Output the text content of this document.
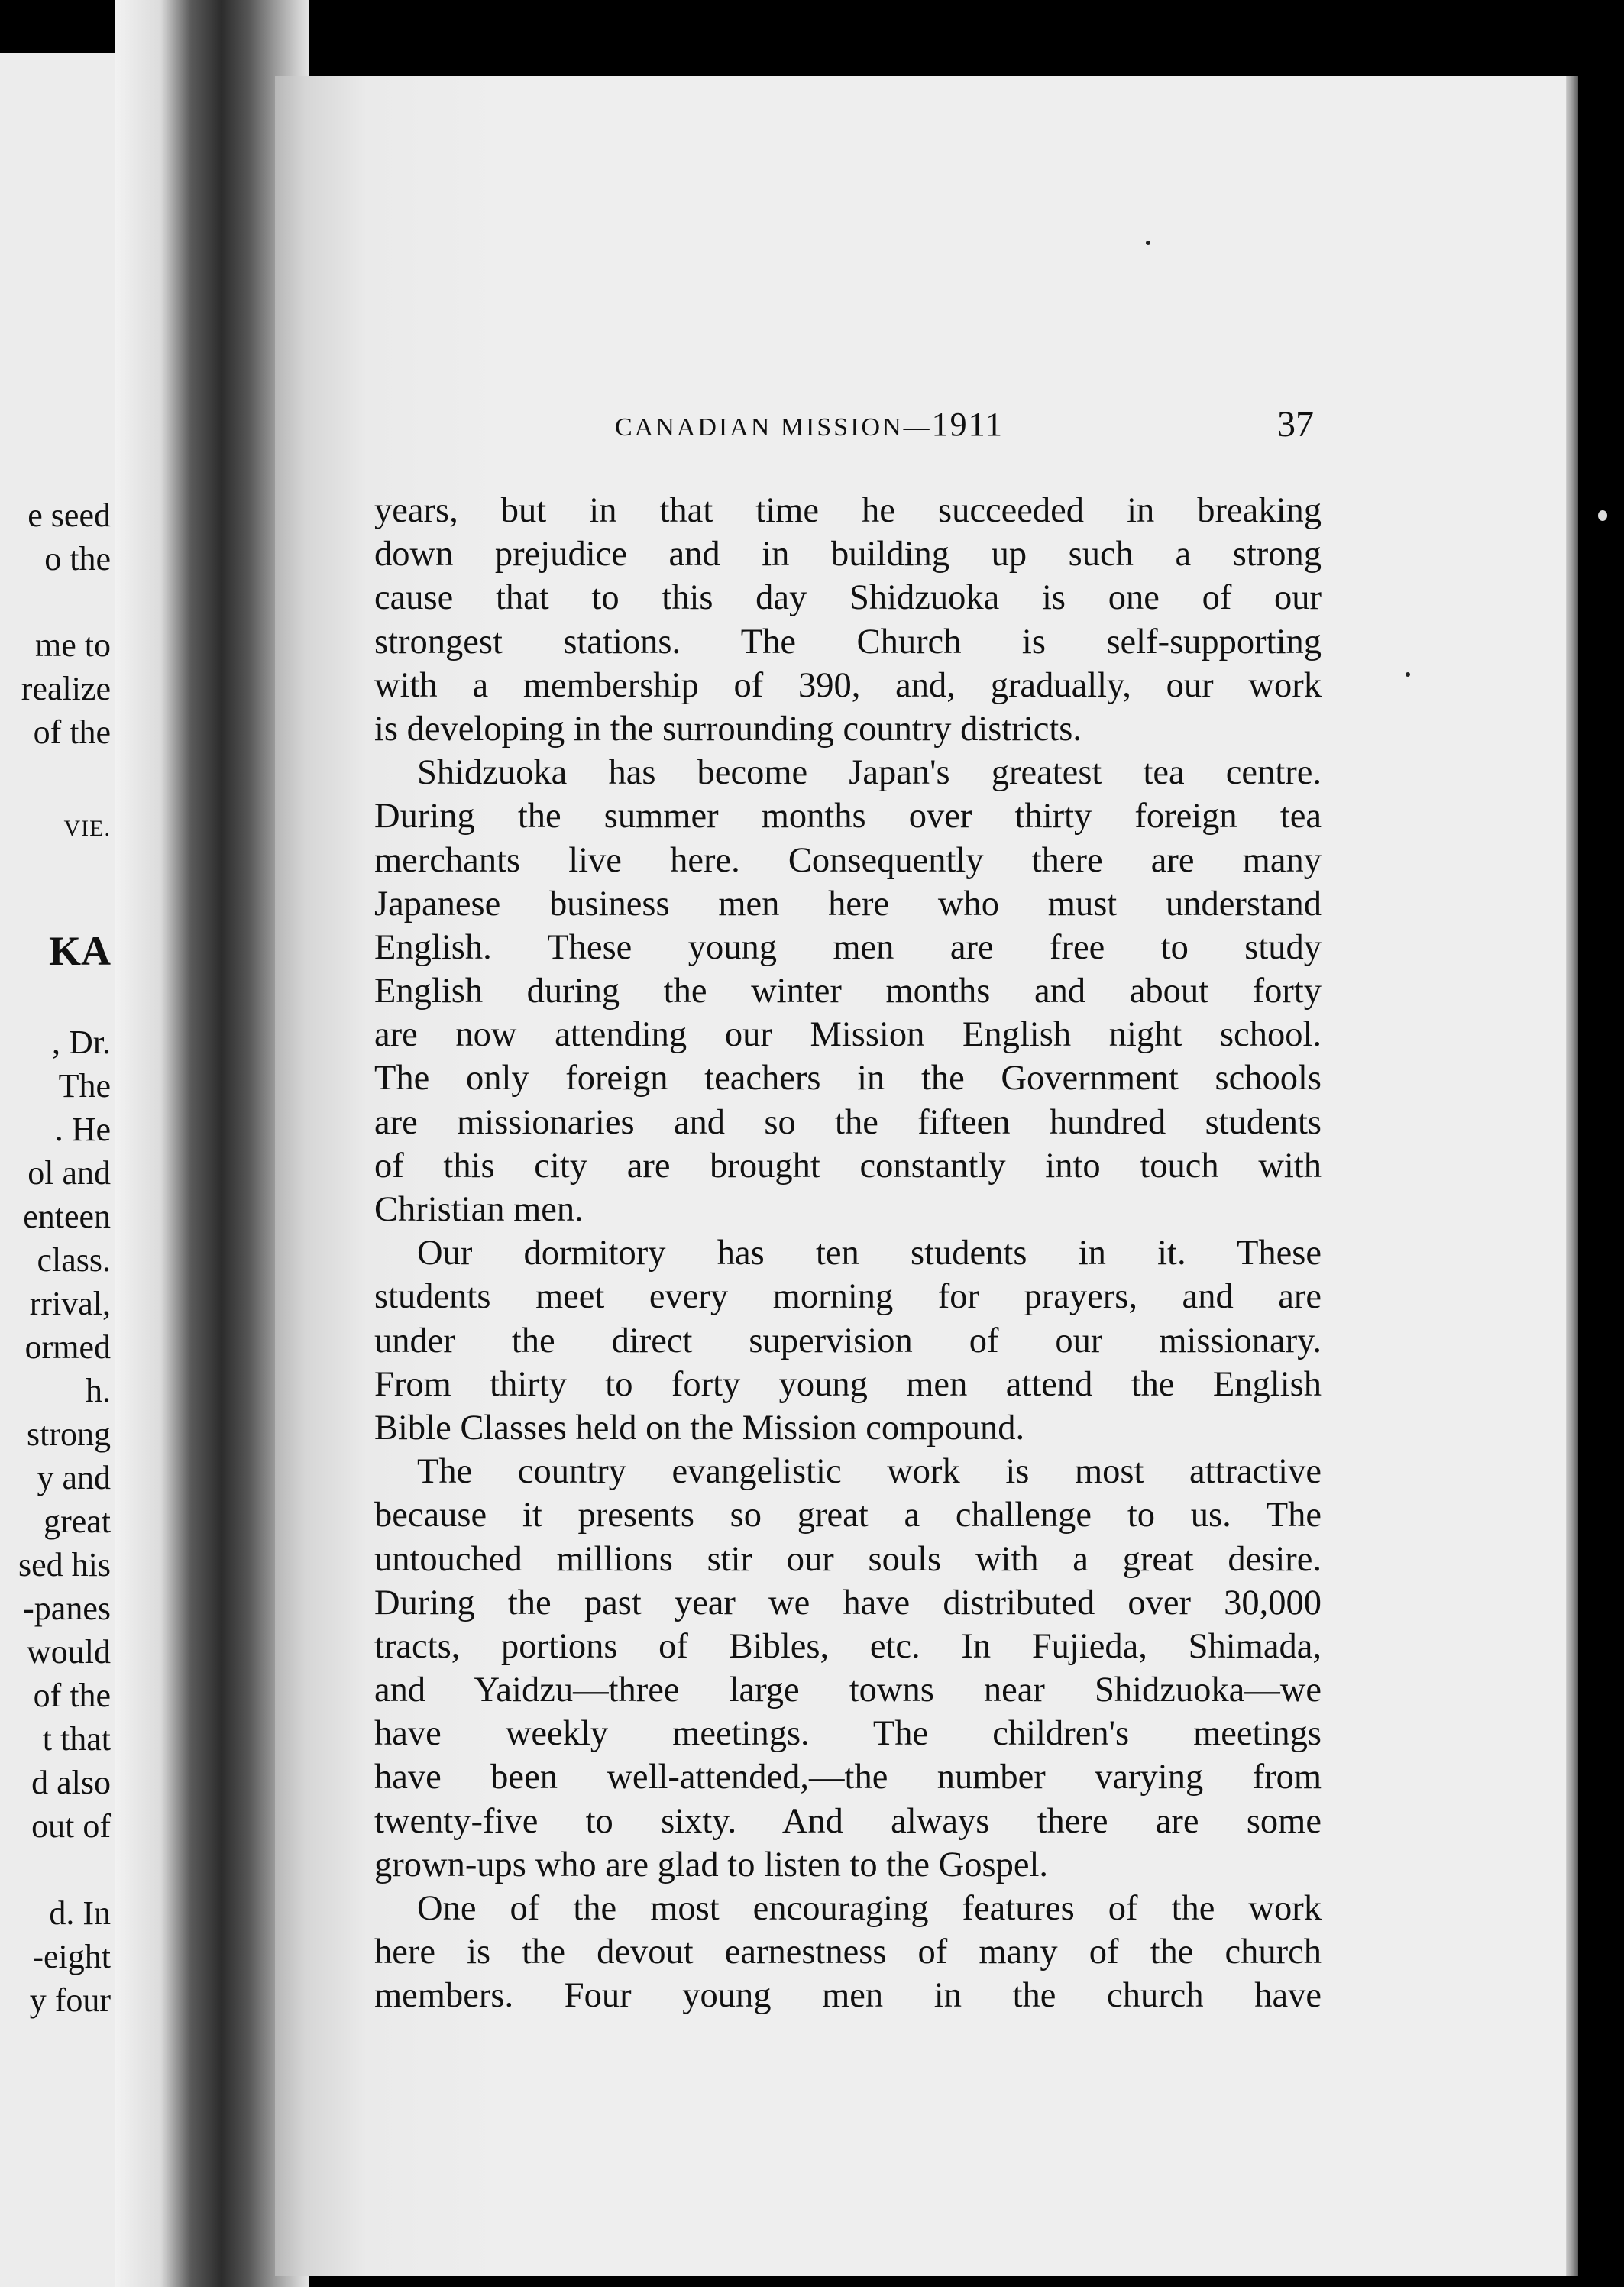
e seed
o the
me to
realize
of the
VIE.
KA
, Dr.
The
. He
ol and
enteen
class.
rrival,
ormed
h.
strong
y and
great
sed his
-panes
would
of the
t that
d also
out of
d. In
-eight
y four
CANADIAN MISSION—1911	37
years, but in that time he succeeded in breaking
down prejudice and in building up such a strong
cause that to this day Shidzuoka is one of our
strongest stations. The Church is self-supporting
with a membership of 390, and, gradually, our work
is developing in the surrounding country districts.
Shidzuoka has become Japan's greatest tea centre.
During the summer months over thirty foreign tea
merchants live here. Consequently there are many
Japanese business men here who must understand
English. These young men are free to study
English during the winter months and about forty
are now attending our Mission English night school.
The only foreign teachers in the Government schools
are missionaries and so the fifteen hundred students
of this city are brought constantly into touch with
Christian men.
Our dormitory has ten students in it. These
students meet every morning for prayers, and are
under the direct supervision of our missionary.
From thirty to forty young men attend the English
Bible Classes held on the Mission compound.
The country evangelistic work is most attractive
because it presents so great a challenge to us. The
untouched millions stir our souls with a great desire.
During the past year we have distributed over 30,000
tracts, portions of Bibles, etc. In Fujieda, Shimada,
and Yaidzu—three large towns near Shidzuoka—we
have weekly meetings. The children's meetings
have been well-attended,—the number varying from
twenty-five to sixty. And always there are some
grown-ups who are glad to listen to the Gospel.
One of the most encouraging features of the work
here is the devout earnestness of many of the church
members. Four young men in the church have
